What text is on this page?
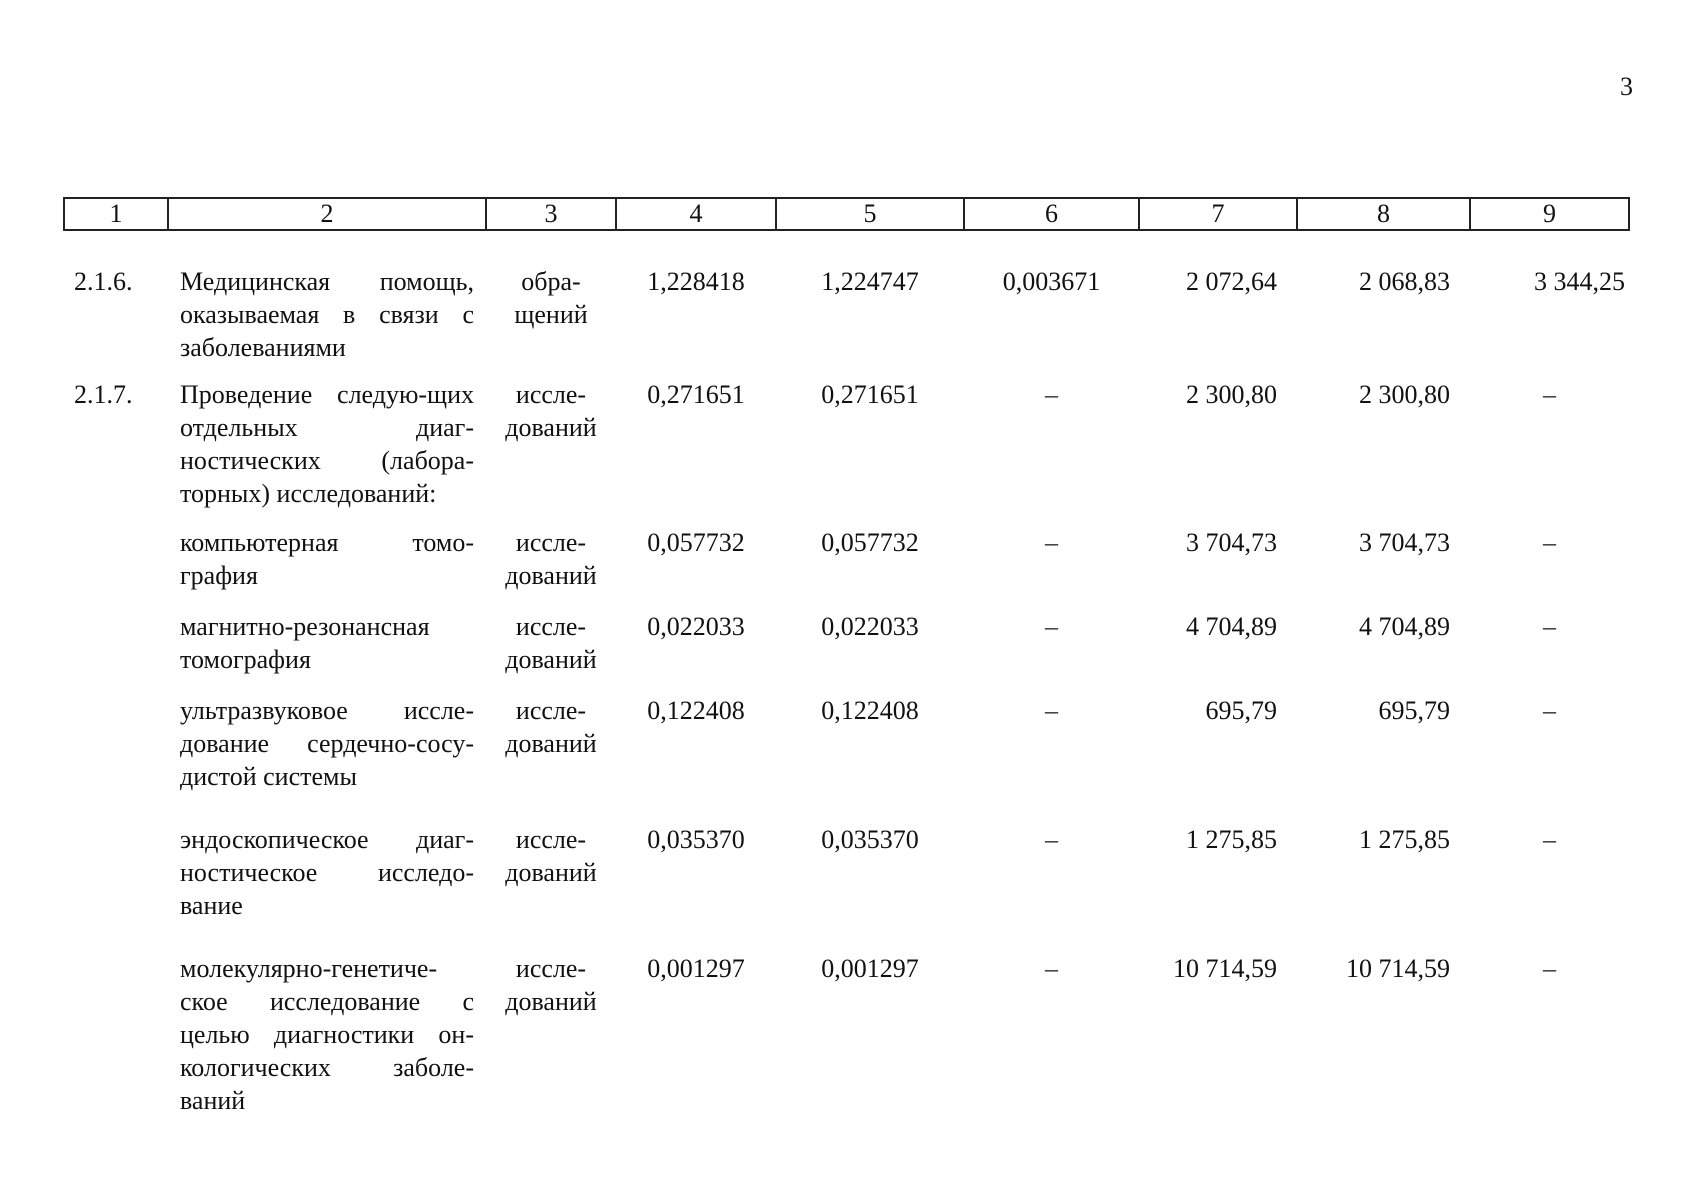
3
1	2	3	4	5	6	7	8	9
2.1.6.	Медицинская помощь, оказываемая в связи с заболеваниями	обра-щений	1,228418	1,224747	0,003671	2 072,64	2 068,83	3 344,25
2.1.7.	Проведение следую-щих отдельных диаг-ностических (лабора-торных) исследований:	иссле-дований	0,271651	0,271651	–	2 300,80	2 300,80	–
	компьютерная томо-графия	иссле-дований	0,057732	0,057732	–	3 704,73	3 704,73	–
	магнитно-резонансная томография	иссле-дований	0,022033	0,022033	–	4 704,89	4 704,89	–
	ультразвуковое иссле-дование сердечно-сосу-дистой системы	иссле-дований	0,122408	0,122408	–	695,79	695,79	–
	эндоскопическое диаг-ностическое исследо-вание	иссле-дований	0,035370	0,035370	–	1 275,85	1 275,85	–
	молекулярно-генетиче-ское исследование с целью диагностики он-кологических заболе-ваний	иссле-дований	0,001297	0,001297	–	10 714,59	10 714,59	–
